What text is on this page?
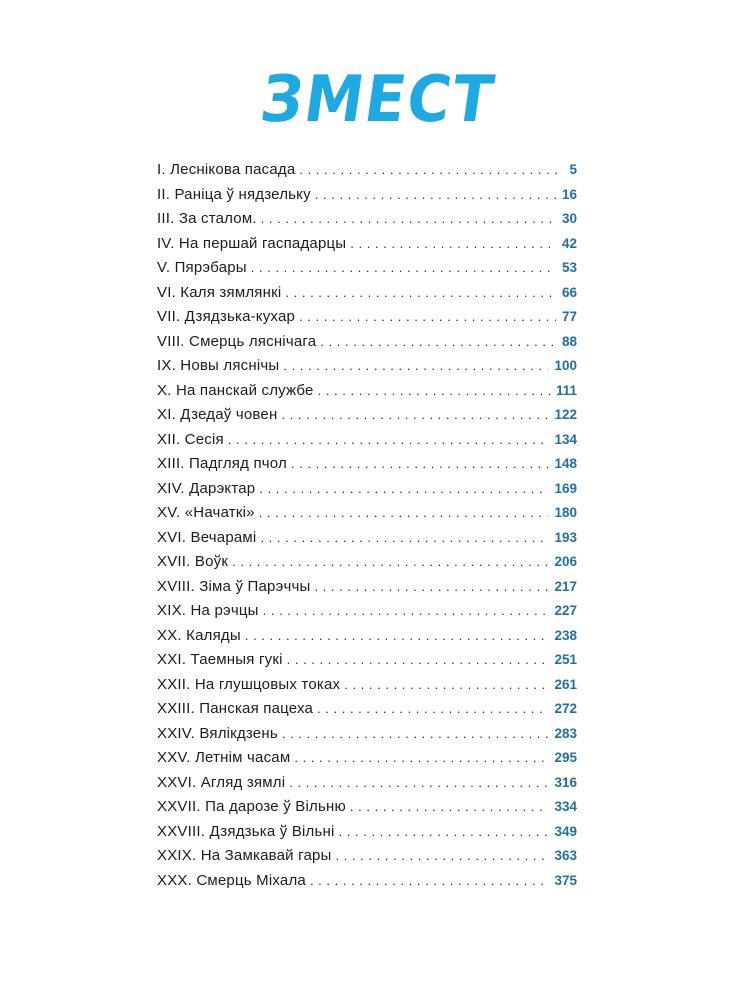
ЗМЕСТ
I. Леснікова пасада . . .	5
II. Раніца ў нядзельку . . .	16
III. За сталом. . . .	30
IV. На першай гаспадарцы . . .	42
V. Пярэбары . . .	53
VI. Каля зямлянкі . . .	66
VII. Дзядзька-кухар . . .	77
VIII. Смерць ляснічага . . .	88
IX. Новы ляснічы . . .	100
X. На панскай службе . . .	111
XI. Дзедаў човен . . .	122
XII. Сесія . . .	134
XIII. Падгляд пчол . . .	148
XIV. Дарэктар . . .	169
XV. «Начаткі» . . .	180
XVI. Вечарамі . . .	193
XVII. Воўк . . .	206
XVIII. Зіма ў Парэччы . . .	217
XIX. На рэчцы . . .	227
XX. Каляды . . .	238
XXI. Таемныя гукі . . .	251
XXII. На глушцовых токах . . .	261
XXIII. Панская пацеха . . .	272
XXIV. Вялікдзень . . .	283
XXV. Летнім часам . . .	295
XXVI. Агляд зямлі . . .	316
XXVII. Па дарозе ў Вільню . . .	334
XXVIII. Дзядзька ў Вільні . . .	349
XXIX. На Замкавай гары . . .	363
XXX. Смерць Міхала . . .	375
